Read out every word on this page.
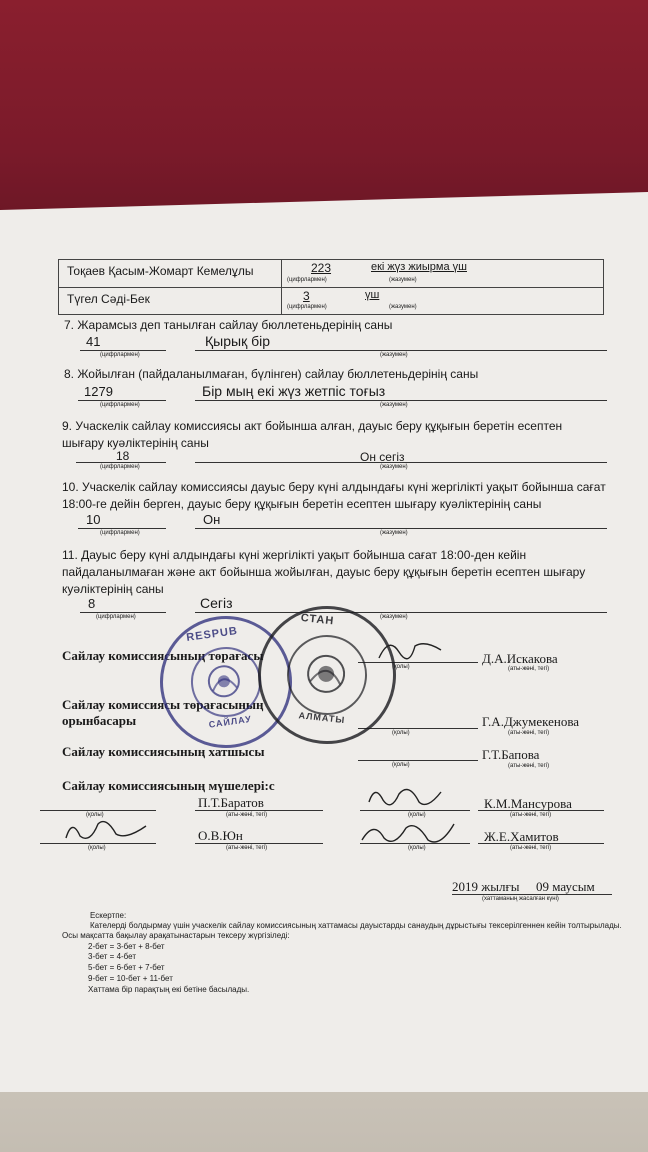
Тоқаев Қасым-Жомарт Кемелұлы	223	екі жүз жиырма үш
(цифрлармен)	(жазумен)
Түгел Сәді-Бек	3	үш
(цифрлармен)	(жазумен)
7. Жарамсыз деп танылған сайлау бюллетеньдерінің саны
41	Қырық бір
(цифрлармен)	(жазумен)
8. Жойылған (пайдаланылмаған, бүлінген) сайлау бюллетеньдерінің саны
1279	Бір мың екі жүз жетпіс тоғыз
(цифрлармен)	(жазумен)
9. Учаскелік сайлау комиссиясы акт бойынша алған, дауыс беру құқығын беретін есептен шығару куәліктерінің саны
18	Он сегіз
(цифрлармен)	(жазумен)
10. Учаскелік сайлау комиссиясы дауыс беру күні алдындағы күні жергілікті уақыт бойынша сағат 18:00-ге дейін берген, дауыс беру құқығын беретін есептен шығару куәліктерінің саны
10	Он
(цифрлармен)	(жазумен)
11. Дауыс беру күні алдындағы күні жергілікті уақыт бойынша сағат 18:00-ден кейін пайдаланылмаған және акт бойынша жойылған, дауыс беру құқығын беретін есептен шығару куәліктерінің саны
8	Сегіз
(цифрлармен)	(жазумен)
Сайлау комиссиясының төрағасы
(қолы)
Д.А.Искакова
(аты-жөні, тегі)
Сайлау комиссиясы төрағасының
орынбасары
(қолы)
Г.А.Джумекенова
(аты-жөні, тегі)
Сайлау комиссиясының хатшысы
(қолы)
Г.Т.Бапова
(аты-жөні, тегі)
Сайлау комиссиясының мүшелері:с
(қолы)
П.Т.Баратов
(аты-жөні, тегі)	(қолы)
К.М.Мансурова
(аты-жөні, тегі)
(қолы)
О.В.Юн
(аты-жөні, тегі)	(қолы)
Ж.Е.Хамитов
(аты-жөні, тегі)
2019 жылғы 09 маусым
(хаттаманың жасалған күні)
Ескертпе:
Кателерді болдырмау үшін учаскелік сайлау комиссиясының хаттамасы дауыстарды санаудың дұрыстығы тексерілгеннен кейін толтырылады. Осы мақсатта бақылау арақатынастарын тексеру жүргізіледі:
2-бет = 3-бет + 8-бет
3-бет = 4-бет
5-бет = 6-бет + 7-бет
9-бет = 10-бет + 11-бет
Хаттама бір парақтың екі бетіне басылады.
RESPUB
САЙЛАУ
СТАН
АЛМАТЫ
